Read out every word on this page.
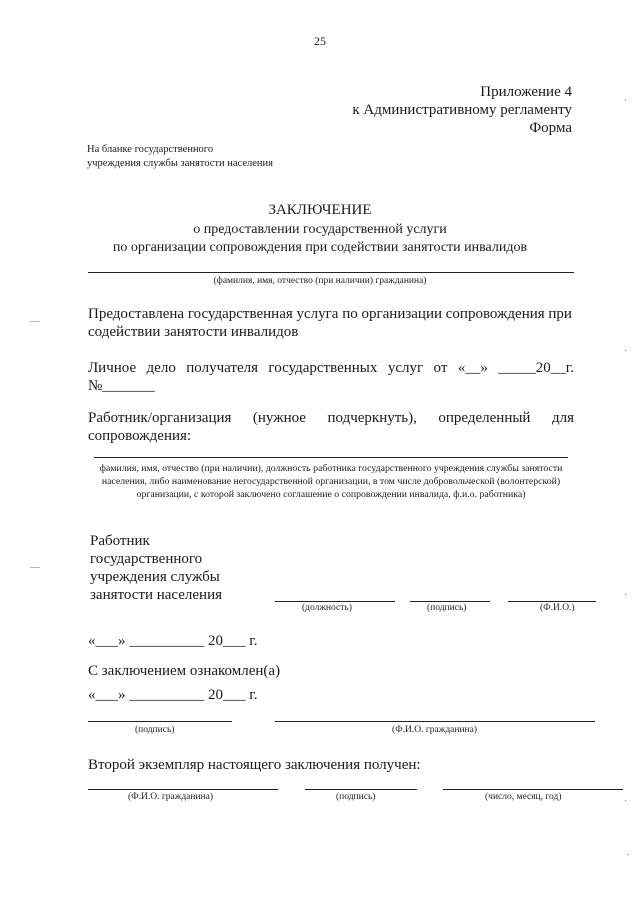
25
Приложение 4
к Административному регламенту
Форма
На бланке государственного
учреждения службы занятости населения
ЗАКЛЮЧЕНИЕ
о предоставлении государственной услуги
по организации сопровождения при содействии занятости инвалидов
(фамилия, имя, отчество (при наличии) гражданина)
Предоставлена государственная услуга по организации сопровождения при
содействии занятости инвалидов
Личное дело получателя государственных услуг от «__» _____20__г.
№_______
Работник/организация (нужное подчеркнуть), определенный для
сопровождения:
фамилия, имя, отчество (при наличии), должность работника государственного учреждения службы занятости населения, либо наименование негосударственной организации, в том числе добровольческой (волонтерской) организации, с которой заключено соглашение о сопровождении инвалида, ф.и.о. работника)
Работник государственного учреждения службы занятости населения
(должность)	(подпись)	(Ф.И.О.)
«___» __________ 20___ г.
С заключением ознакомлен(а)
«___» __________ 20___ г.
(подпись)	(Ф.И.О. гражданина)
Второй экземпляр настоящего заключения получен:
(Ф.И.О. гражданина)	(подпись)	(число, месяц, год)
—
—
·
·
·
·
·
